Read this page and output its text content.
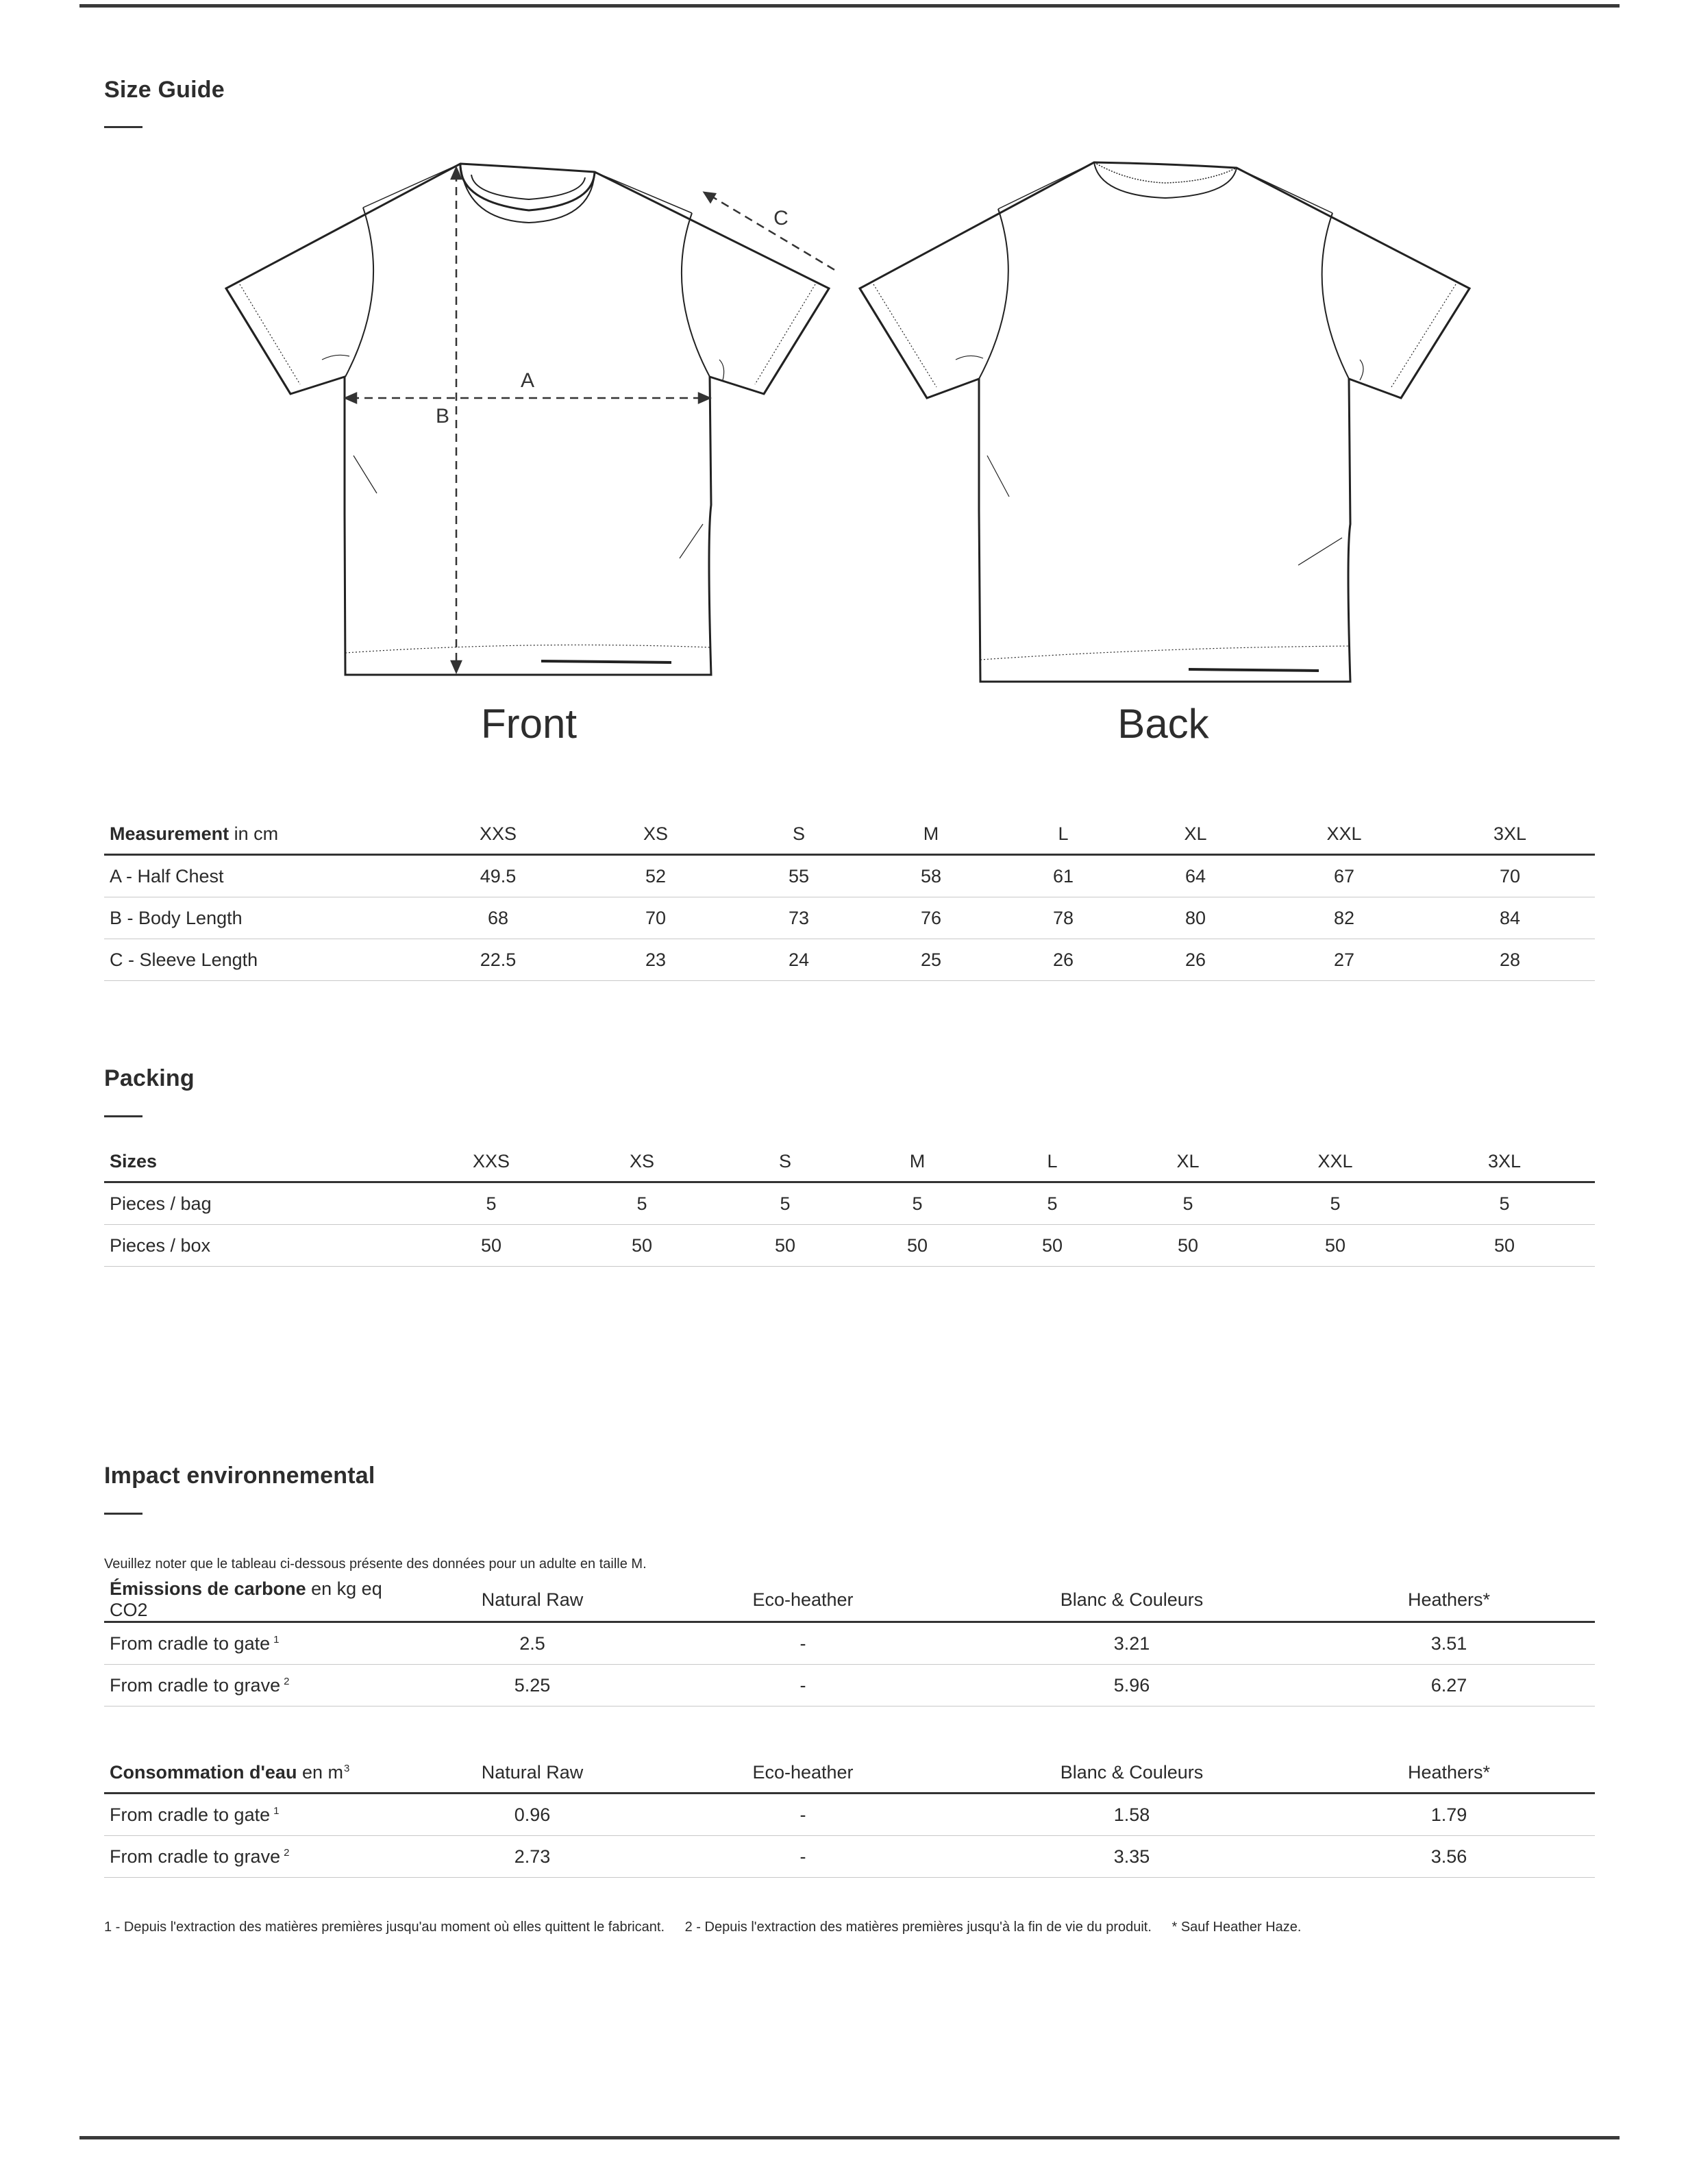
Size Guide
A
B
C
Front	Back
Measurement in cm	XXS	XS	S	M	L	XL	XXL	3XL
A - Half Chest	49.5	52	55	58	61	64	67	70
B - Body Length	68	70	73	76	78	80	82	84
C - Sleeve Length	22.5	23	24	25	26	26	27	28
Packing
Sizes	XXS	XS	S	M	L	XL	XXL	3XL
Pieces / bag	5	5	5	5	5	5	5	5
Pieces / box	50	50	50	50	50	50	50	50
Impact environnemental
Veuillez noter que le tableau ci-dessous présente des données pour un adulte en taille M.
Émissions de carbone en kg eq CO2	Natural Raw	Eco-heather	Blanc & Couleurs	Heathers*
From cradle to gate $^1$	2.5	-	3.21	3.51
From cradle to grave $^2$	5.25	-	5.96	6.27
Consommation d'eau en $m^3$	Natural Raw	Eco-heather	Blanc & Couleurs	Heathers*
From cradle to gate $^1$	0.96	-	1.58	1.79
From cradle to grave $^2$	2.73	-	3.35	3.56
1 - Depuis l'extraction des matières premières jusqu'au moment où elles quittent le fabricant. 2 - Depuis l'extraction des matières premières jusqu'à la fin de vie du produit. * Sauf Heather Haze.
